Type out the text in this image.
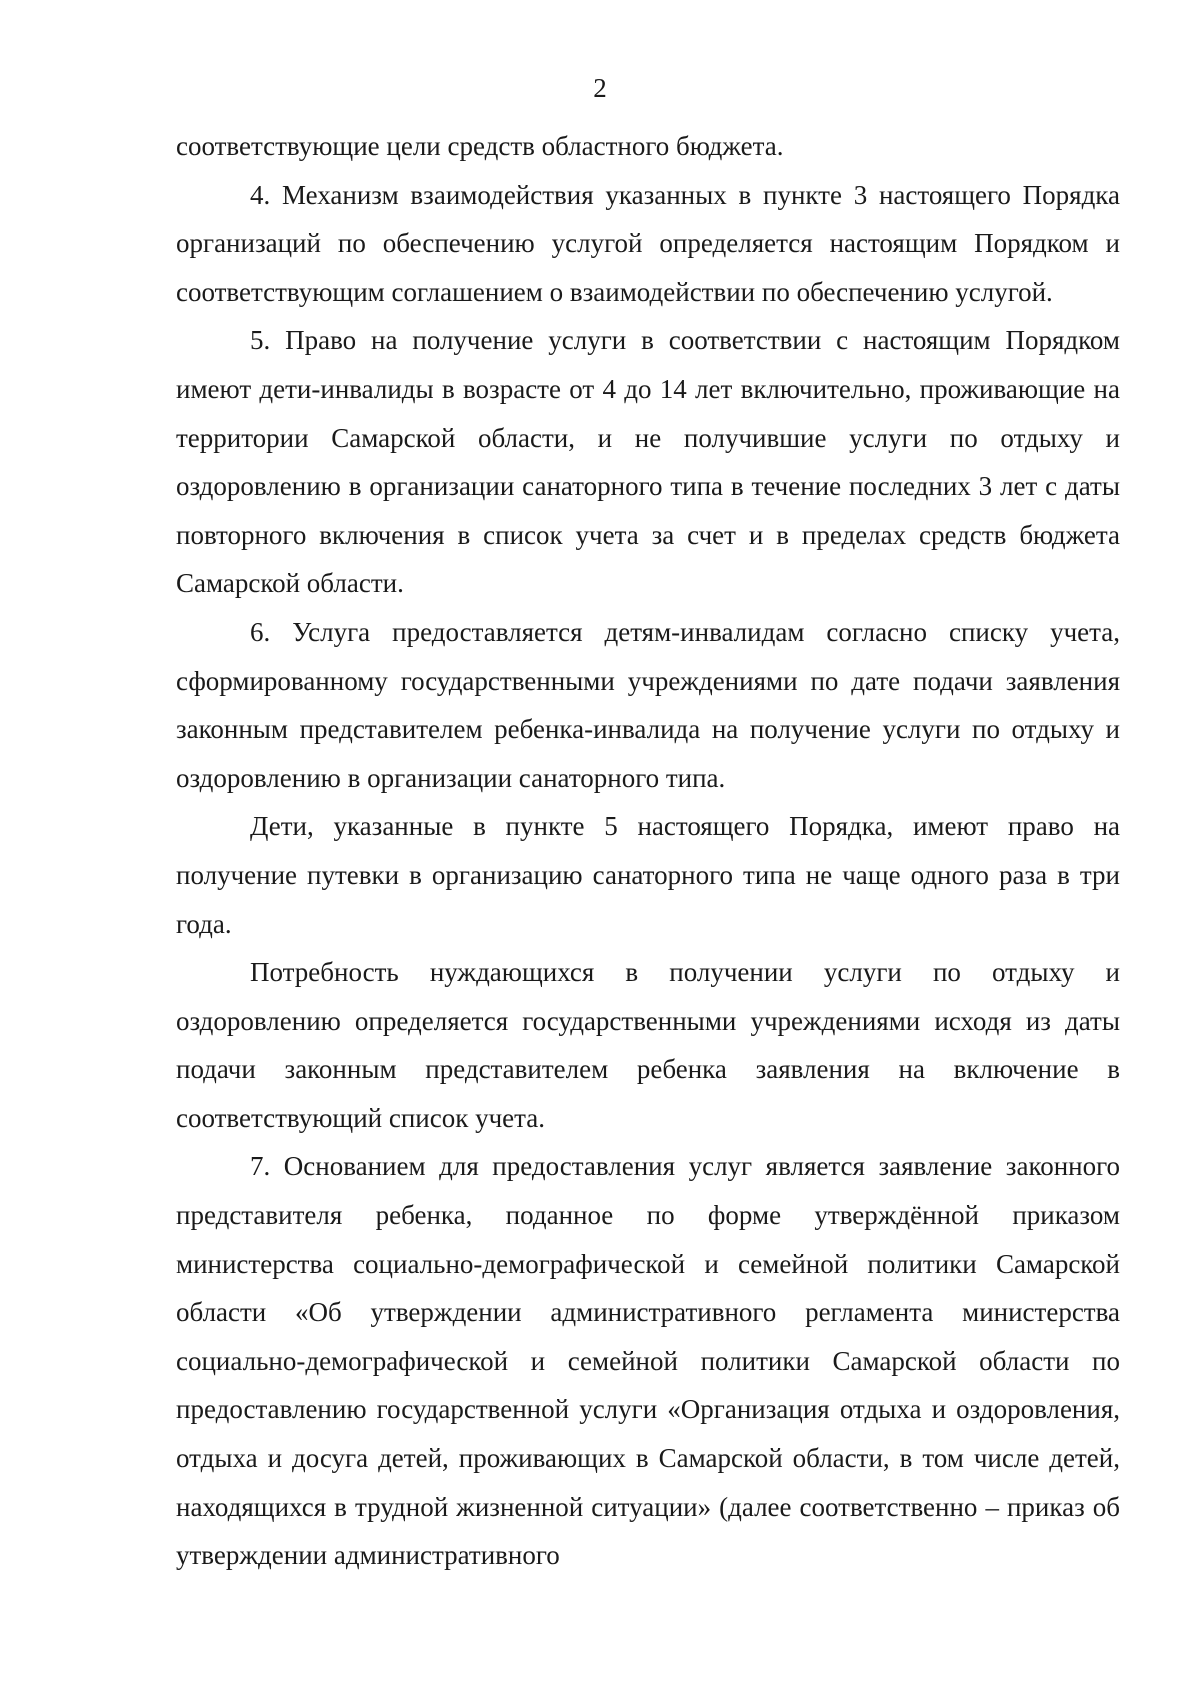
2

соответствующие цели средств областного бюджета.

4. Механизм взаимодействия указанных в пункте 3 настоящего Порядка организаций по обеспечению услугой определяется настоящим Порядком и соответствующим соглашением о взаимодействии по обеспечению услугой.

5. Право на получение услуги в соответствии с настоящим Порядком имеют дети-инвалиды в возрасте от 4 до 14 лет включительно, проживающие на территории Самарской области, и не получившие услуги по отдыху и оздоровлению в организации санаторного типа в течение последних 3 лет с даты повторного включения в список учета за счет и в пределах средств бюджета Самарской области.

6. Услуга предоставляется детям-инвалидам согласно списку учета, сформированному государственными учреждениями по дате подачи заявления законным представителем ребенка-инвалида на получение услуги по отдыху и оздоровлению в организации санаторного типа.

Дети, указанные в пункте 5 настоящего Порядка, имеют право на получение путевки в организацию санаторного типа не чаще одного раза в три года.

Потребность нуждающихся в получении услуги по отдыху и оздоровлению определяется государственными учреждениями исходя из даты подачи законным представителем ребенка заявления на включение в соответствующий список учета.

7. Основанием для предоставления услуг является заявление законного представителя ребенка, поданное по форме утверждённой приказом министерства социально-демографической и семейной политики Самарской области «Об утверждении административного регламента министерства социально-демографической и семейной политики Самарской области по предоставлению государственной услуги «Организация отдыха и оздоровления, отдыха и досуга детей, проживающих в Самарской области, в том числе детей, находящихся в трудной жизненной ситуации» (далее соответственно – приказ об утверждении административного
